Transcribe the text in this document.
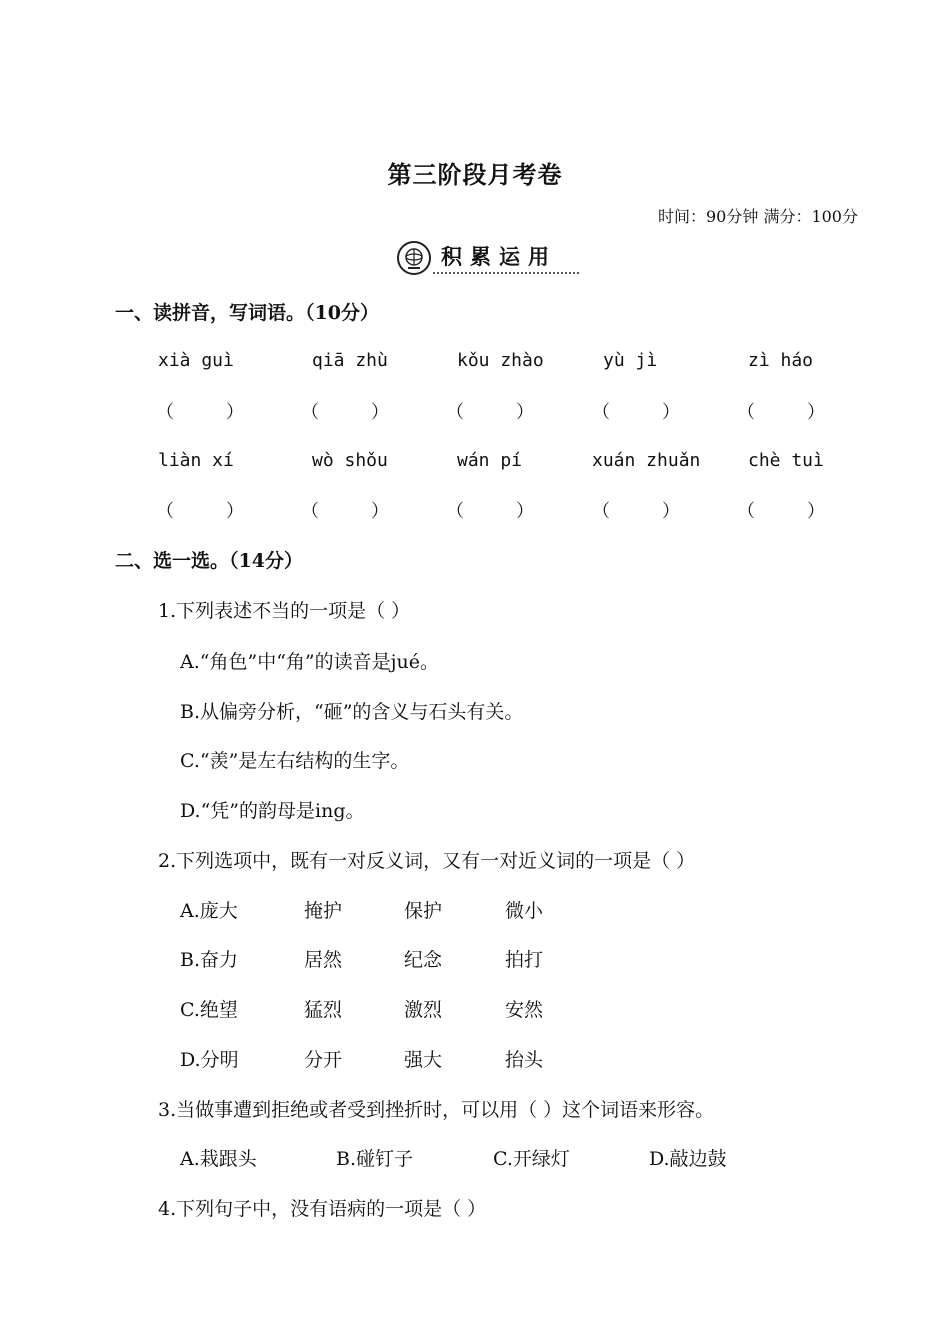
第三阶段月考卷
时间：90分钟 满分：100分
积累运用
一、读拼音，写词语。（10分）
xià guì	qiā zhù	kǒu zhào	yù jì	zì háo
（	）	（	）	（	）	（	）	（	）
liàn xí	wò shǒu	wán pí	xuán zhuǎn	chè tuì
（	）	（	）	（	）	（	）	（	）
二、选一选。（14分）
1.下列表述不当的一项是（ ）
A.“角色”中“角”的读音是jué。
B.从偏旁分析，“砸”的含义与石头有关。
C.“羡”是左右结构的生字。
D.“凭”的韵母是ing。
2.下列选项中，既有一对反义词，又有一对近义词的一项是（ ）
A.庞大	掩护	保护	微小
B.奋力	居然	纪念	拍打
C.绝望	猛烈	激烈	安然
D.分明	分开	强大	抬头
3.当做事遭到拒绝或者受到挫折时，可以用（ ）这个词语来形容。
A.栽跟头	B.碰钉子	C.开绿灯	D.敲边鼓
4.下列句子中，没有语病的一项是（ ）
